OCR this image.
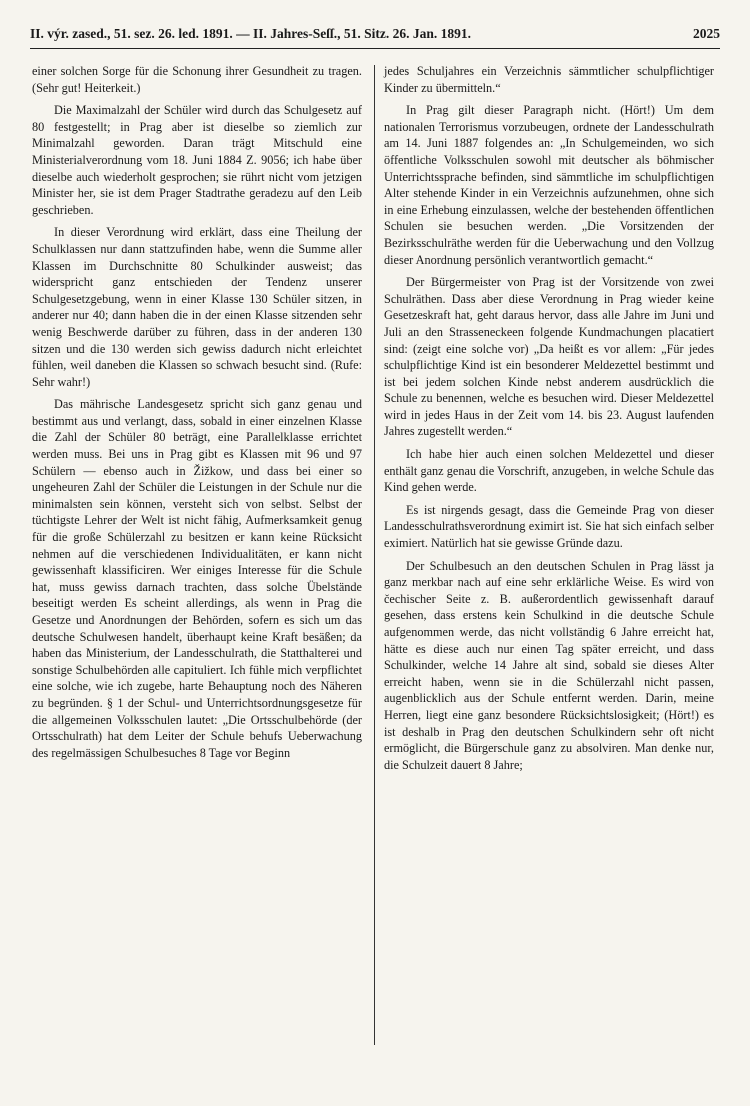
II. výr. zased., 51. sez. 26. led. 1891. — II. Jahres-Seſſ., 51. Sitz. 26. Jan. 1891.	2025

einer solchen Sorge für die Schonung ihrer Gesundheit zu tragen. (Sehr gut! Heiterkeit.)

Die Maximalzahl der Schüler wird durch das Schulgesetz auf 80 festgestellt; in Prag aber ist dieselbe so ziemlich zur Minimalzahl geworden. Daran trägt Mitschuld eine Ministerialverordnung vom 18. Juni 1884 Z. 9056; ich habe über dieselbe auch wiederholt gesprochen; sie rührt nicht vom jetzigen Minister her, sie ist dem Prager Stadtrathe geradezu auf den Leib geschrieben.

In dieser Verordnung wird erklärt, dass eine Theilung der Schulklassen nur dann stattzufinden habe, wenn die Summe aller Klassen im Durchschnitte 80 Schulkinder ausweist; das widerspricht ganz entschieden der Tendenz unserer Schulgesetzgebung, wenn in einer Klasse 130 Schüler sitzen, in anderer nur 40; dann haben die in der einen Klasse sitzenden sehr wenig Beschwerde darüber zu führen, dass in der anderen 130 sitzen und die 130 werden sich gewiss dadurch nicht erleichtet fühlen, weil daneben die Klassen so schwach besucht sind. (Rufe: Sehr wahr!)

Das mährische Landesgesetz spricht sich ganz genau und bestimmt aus und verlangt, dass, sobald in einer einzelnen Klasse die Zahl der Schüler 80 beträgt, eine Parallelklasse errichtet werden muss. Bei uns in Prag gibt es Klassen mit 96 und 97 Schülern — ebenso auch in Žižkow, und dass bei einer so ungeheuren Zahl der Schüler die Leistungen in der Schule nur die minimalsten sein können, versteht sich von selbst. Selbst der tüchtigste Lehrer der Welt ist nicht fähig, Aufmerksamkeit genug für die große Schülerzahl zu besitzen er kann keine Rücksicht nehmen auf die verschiedenen Individualitäten, er kann nicht gewissenhaft klassificiren. Wer einiges Interesse für die Schule hat, muss gewiss darnach trachten, dass solche Übelstände beseitigt werden Es scheint allerdings, als wenn in Prag die Gesetze und Anordnungen der Behörden, sofern es sich um das deutsche Schulwesen handelt, überhaupt keine Kraft besäßen; da haben das Ministerium, der Landesschulrath, die Statthalterei und sonstige Schulbehörden alle capituliert. Ich fühle mich verpflichtet eine solche, wie ich zugebe, harte Behauptung noch des Näheren zu begründen. § 1 der Schul- und Unterrichtsordnungsgesetze für die allgemeinen Volksschulen lautet: „Die Ortsschulbehörde (der Ortsschulrath) hat dem Leiter der Schule behufs Ueberwachung des regelmässigen Schulbesuches 8 Tage vor Beginn

jedes Schuljahres ein Verzeichnis sämmtlicher schulpflichtiger Kinder zu übermitteln.“

In Prag gilt dieser Paragraph nicht. (Hört!) Um dem nationalen Terrorismus vorzubeugen, ordnete der Landesschulrath am 14. Juni 1887 folgendes an: „In Schulgemeinden, wo sich öffentliche Volksschulen sowohl mit deutscher als böhmischer Unterrichtssprache befinden, sind sämmtliche im schulpflichtigen Alter stehende Kinder in ein Verzeichnis aufzunehmen, ohne sich in eine Erhebung einzulassen, welche der bestehenden öffentlichen Schulen sie besuchen werden. „Die Vorsitzenden der Bezirksschulräthe werden für die Ueberwachung und den Vollzug dieser Anordnung persönlich verantwortlich gemacht.“

Der Bürgermeister von Prag ist der Vorsitzende von zwei Schulräthen. Dass aber diese Verordnung in Prag wieder keine Gesetzeskraft hat, geht daraus hervor, dass alle Jahre im Juni und Juli an den Strasseneckeen folgende Kundmachungen placatiert sind: (zeigt eine solche vor) „Da heißt es vor allem: „Für jedes schulpflichtige Kind ist ein besonderer Meldezettel bestimmt und ist bei jedem solchen Kinde nebst anderem ausdrücklich die Schule zu benennen, welche es besuchen wird. Dieser Meldezettel wird in jedes Haus in der Zeit vom 14. bis 23. August laufenden Jahres zugestellt werden.“

Ich habe hier auch einen solchen Meldezettel und dieser enthält ganz genau die Vorschrift, anzugeben, in welche Schule das Kind gehen werde.

Es ist nirgends gesagt, dass die Gemeinde Prag von dieser Landesschulrathsverordnung eximirt ist. Sie hat sich einfach selber eximiert. Natürlich hat sie gewisse Gründe dazu.

Der Schulbesuch an den deutschen Schulen in Prag lässt ja ganz merkbar nach auf eine sehr erklärliche Weise. Es wird von čechischer Seite z. B. außerordentlich gewissenhaft darauf gesehen, dass erstens kein Schulkind in die deutsche Schule aufgenommen werde, das nicht vollständig 6 Jahre erreicht hat, hätte es diese auch nur einen Tag später erreicht, und dass Schulkinder, welche 14 Jahre alt sind, sobald sie dieses Alter erreicht haben, wenn sie in die Schülerzahl nicht passen, augenblicklich aus der Schule entfernt werden. Darin, meine Herren, liegt eine ganz besondere Rücksichtslosigkeit; (Hört!) es ist deshalb in Prag den deutschen Schulkindern sehr oft nicht ermöglicht, die Bürgerschule ganz zu absolviren. Man denke nur, die Schulzeit dauert 8 Jahre;
